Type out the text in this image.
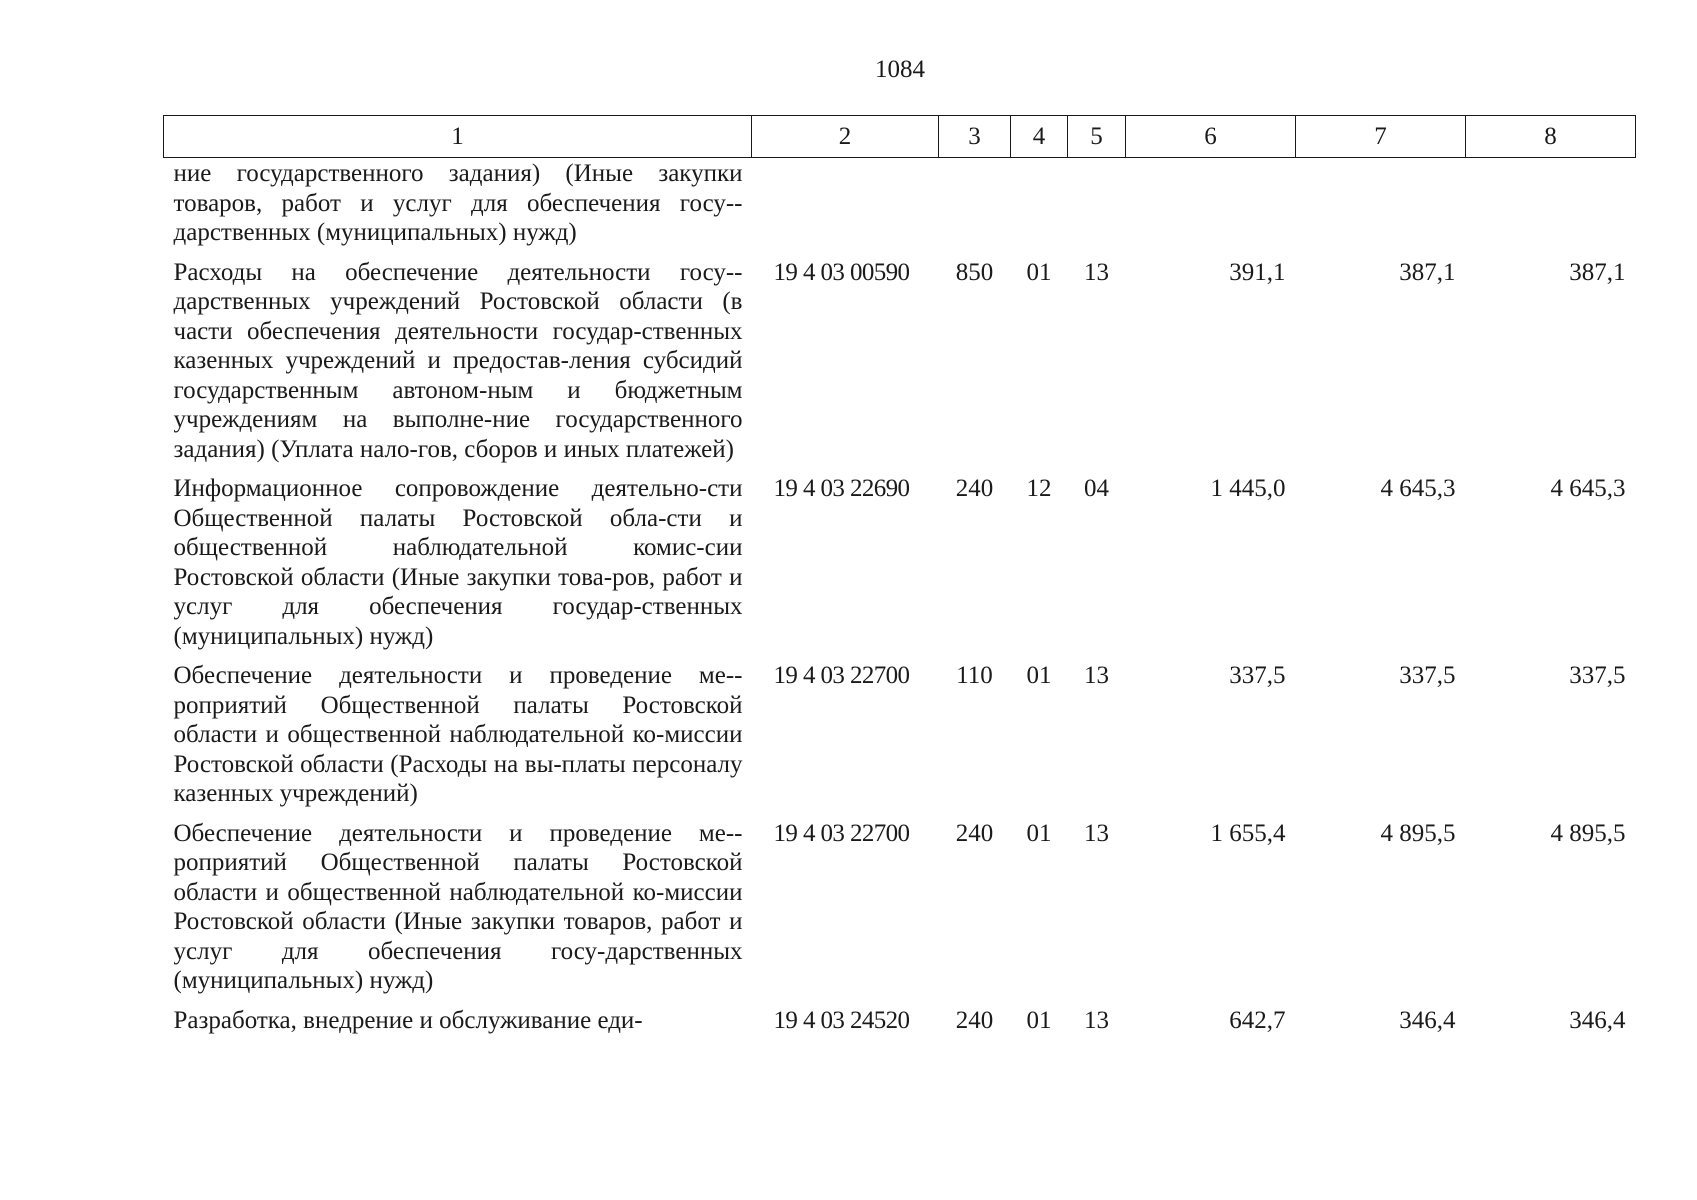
1084
1	2	3	4	5	6	7	8
ние государственного задания) (Иные закупки товаров, работ и услуг для обеспечения госу-дарственных (муниципальных) нужд)							
Расходы на обеспечение деятельности госу-дарственных учреждений Ростовской области (в части обеспечения деятельности государ-ственных казенных учреждений и предостав-ления субсидий государственным автоном-ным и бюджетным учреждениям на выполне-ние государственного задания) (Уплата нало-гов, сборов и иных платежей)	19 4 03 00590	850	01	13	391,1	387,1	387,1
Информационное сопровождение деятельно-сти Общественной палаты Ростовской обла-сти и общественной наблюдательной комис-сии Ростовской области (Иные закупки това-ров, работ и услуг для обеспечения государ-ственных (муниципальных) нужд)	19 4 03 22690	240	12	04	1 445,0	4 645,3	4 645,3
Обеспечение деятельности и проведение ме-роприятий Общественной палаты Ростовской области и общественной наблюдательной ко-миссии Ростовской области (Расходы на вы-платы персоналу казенных учреждений)	19 4 03 22700	110	01	13	337,5	337,5	337,5
Обеспечение деятельности и проведение ме-роприятий Общественной палаты Ростовской области и общественной наблюдательной ко-миссии Ростовской области (Иные закупки товаров, работ и услуг для обеспечения госу-дарственных (муниципальных) нужд)	19 4 03 22700	240	01	13	1 655,4	4 895,5	4 895,5
Разработка, внедрение и обслуживание еди-	19 4 03 24520	240	01	13	642,7	346,4	346,4
